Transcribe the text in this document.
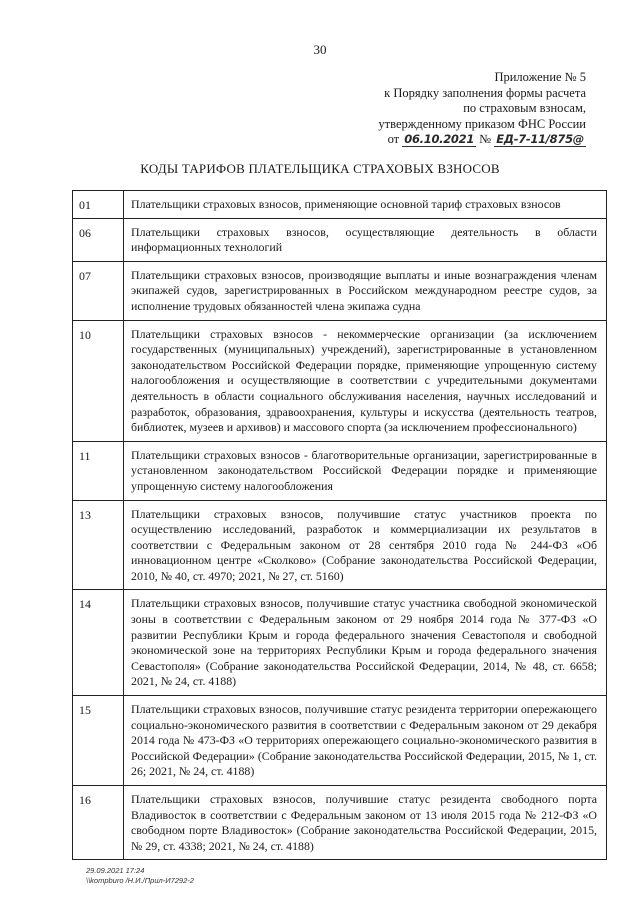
30
Приложение № 5
к Порядку заполнения формы расчета
по страховым взносам,
утвержденному приказом ФНС России
от 06.10.2021 № ЕД-7-11/875@
КОДЫ ТАРИФОВ ПЛАТЕЛЬЩИКА СТРАХОВЫХ ВЗНОСОВ
01	Плательщики страховых взносов, применяющие основной тариф страховых взносов
06	Плательщики страховых взносов, осуществляющие деятельность в области информационных технологий
07	Плательщики страховых взносов, производящие выплаты и иные вознаграждения членам экипажей судов, зарегистрированных в Российском международном реестре судов, за исполнение трудовых обязанностей члена экипажа судна
10	Плательщики страховых взносов - некоммерческие организации (за исключением государственных (муниципальных) учреждений), зарегистрированные в установленном законодательством Российской Федерации порядке, применяющие упрощенную систему налогообложения и осуществляющие в соответствии с учредительными документами деятельность в области социального обслуживания населения, научных исследований и разработок, образования, здравоохранения, культуры и искусства (деятельность театров, библиотек, музеев и архивов) и массового спорта (за исключением профессионального)
11	Плательщики страховых взносов - благотворительные организации, зарегистрированные в установленном законодательством Российской Федерации порядке и применяющие упрощенную систему налогообложения
13	Плательщики страховых взносов, получившие статус участников проекта по осуществлению исследований, разработок и коммерциализации их результатов в соответствии с Федеральным законом от 28 сентября 2010 года № 244-ФЗ «Об инновационном центре «Сколково» (Собрание законодательства Российской Федерации, 2010, № 40, ст. 4970; 2021, № 27, ст. 5160)
14	Плательщики страховых взносов, получившие статус участника свободной экономической зоны в соответствии с Федеральным законом от 29 ноября 2014 года № 377-ФЗ «О развитии Республики Крым и города федерального значения Севастополя и свободной экономической зоне на территориях Республики Крым и города федерального значения Севастополя» (Собрание законодательства Российской Федерации, 2014, № 48, ст. 6658; 2021, № 24, ст. 4188)
15	Плательщики страховых взносов, получившие статус резидента территории опережающего социально-экономического развития в соответствии с Федеральным законом от 29 декабря 2014 года № 473-ФЗ «О территориях опережающего социально-экономического развития в Российской Федерации» (Собрание законодательства Российской Федерации, 2015, № 1, ст. 26; 2021, № 24, ст. 4188)
16	Плательщики страховых взносов, получившие статус резидента свободного порта Владивосток в соответствии с Федеральным законом от 13 июля 2015 года № 212-ФЗ «О свободном порте Владивосток» (Собрание законодательства Российской Федерации, 2015, № 29, ст. 4338; 2021, № 24, ст. 4188)
29.09.2021 17:24
\\kompburo /Н.И./Прил-И7292-2
